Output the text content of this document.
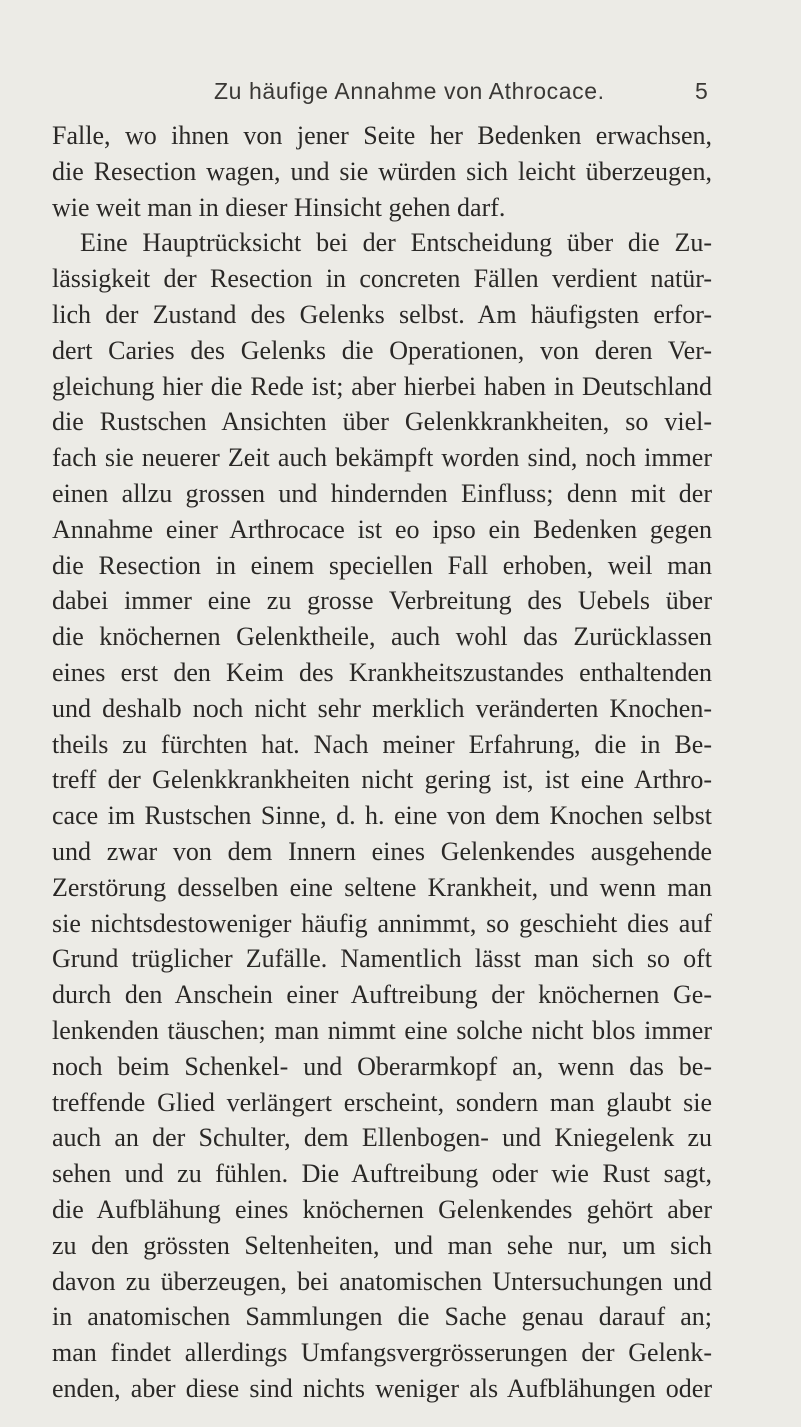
Zu häufige Annahme von Athrocace.	5
Falle, wo ihnen von jener Seite her Bedenken erwachsen,
die Resection wagen, und sie würden sich leicht überzeugen,
wie weit man in dieser Hinsicht gehen darf.
Eine Hauptrücksicht bei der Entscheidung über die Zu-
lässigkeit der Resection in concreten Fällen verdient natür-
lich der Zustand des Gelenks selbst. Am häufigsten erfor-
dert Caries des Gelenks die Operationen, von deren Ver-
gleichung hier die Rede ist; aber hierbei haben in Deutschland
die Rustschen Ansichten über Gelenkkrankheiten, so viel-
fach sie neuerer Zeit auch bekämpft worden sind, noch immer
einen allzu grossen und hindernden Einfluss; denn mit der
Annahme einer Arthrocace ist eo ipso ein Bedenken gegen
die Resection in einem speciellen Fall erhoben, weil man
dabei immer eine zu grosse Verbreitung des Uebels über
die knöchernen Gelenktheile, auch wohl das Zurücklassen
eines erst den Keim des Krankheitszustandes enthaltenden
und deshalb noch nicht sehr merklich veränderten Knochen-
theils zu fürchten hat. Nach meiner Erfahrung, die in Be-
treff der Gelenkkrankheiten nicht gering ist, ist eine Arthro-
cace im Rustschen Sinne, d. h. eine von dem Knochen selbst
und zwar von dem Innern eines Gelenkendes ausgehende
Zerstörung desselben eine seltene Krankheit, und wenn man
sie nichtsdestoweniger häufig annimmt, so geschieht dies auf
Grund trüglicher Zufälle. Namentlich lässt man sich so oft
durch den Anschein einer Auftreibung der knöchernen Ge-
lenkenden täuschen; man nimmt eine solche nicht blos immer
noch beim Schenkel- und Oberarmkopf an, wenn das be-
treffende Glied verlängert erscheint, sondern man glaubt sie
auch an der Schulter, dem Ellenbogen- und Kniegelenk zu
sehen und zu fühlen. Die Auftreibung oder wie Rust sagt,
die Aufblähung eines knöchernen Gelenkendes gehört aber
zu den grössten Seltenheiten, und man sehe nur, um sich
davon zu überzeugen, bei anatomischen Untersuchungen und
in anatomischen Sammlungen die Sache genau darauf an;
man findet allerdings Umfangsvergrösserungen der Gelenk-
enden, aber diese sind nichts weniger als Aufblähungen oder
